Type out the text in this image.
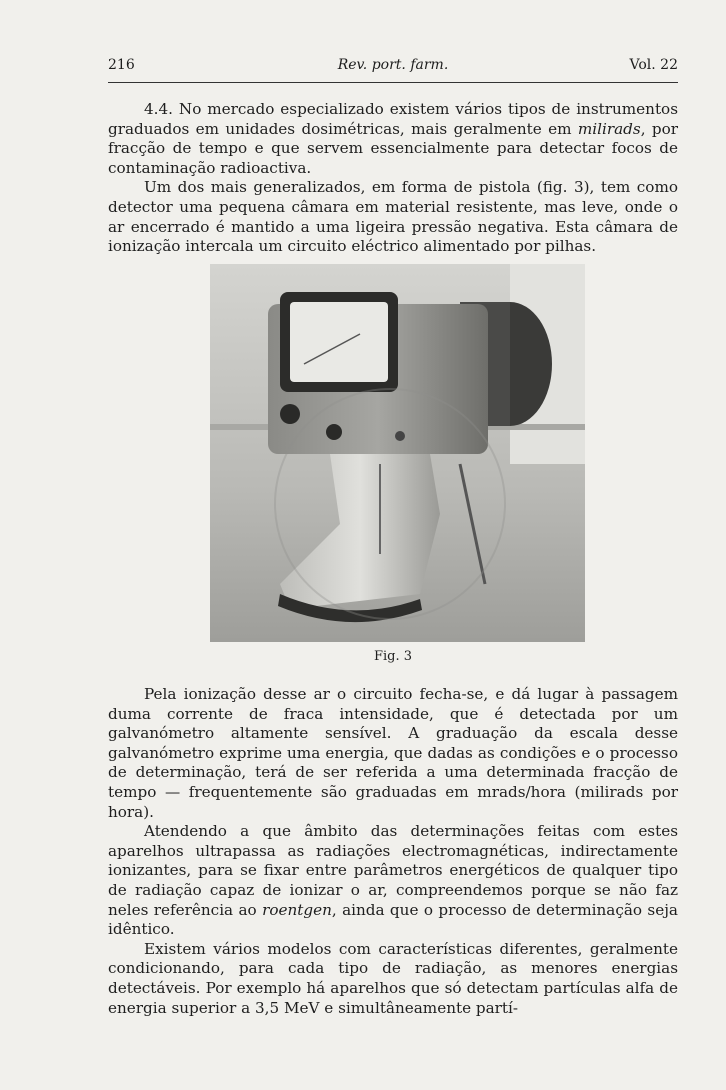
216	Rev. port. farm.	Vol. 22

4.4. No mercado especializado existem vários tipos de instrumentos graduados em unidades dosimétricas, mais geralmente em milirads, por fracção de tempo e que servem essencialmente para detectar focos de contaminação radioactiva.

Um dos mais generalizados, em forma de pistola (fig. 3), tem como detector uma pequena câmara em material resistente, mas leve, onde o ar encerrado é mantido a uma ligeira pressão negativa. Esta câmara de ionização intercala um circuito eléctrico alimentado por pilhas.

Fig. 3

Pela ionização desse ar o circuito fecha-se, e dá lugar à passagem duma corrente de fraca intensidade, que é detectada por um galvanómetro altamente sensível. A graduação da escala desse galvanómetro exprime uma energia, que dadas as condições e o processo de determinação, terá de ser referida a uma determinada fracção de tempo — frequentemente são graduadas em mrads/hora (milirads por hora).

Atendendo a que âmbito das determinações feitas com estes aparelhos ultrapassa as radiações electromagnéticas, indirectamente ionizantes, para se fixar entre parâmetros energéticos de qualquer tipo de radiação capaz de ionizar o ar, compreendemos porque se não faz neles referência ao roentgen, ainda que o processo de determinação seja idêntico.

Existem vários modelos com características diferentes, geralmente condicionando, para cada tipo de radiação, as menores energias detectáveis. Por exemplo há aparelhos que só detectam partículas alfa de energia superior a 3,5 MeV e simultâneamente partí-
